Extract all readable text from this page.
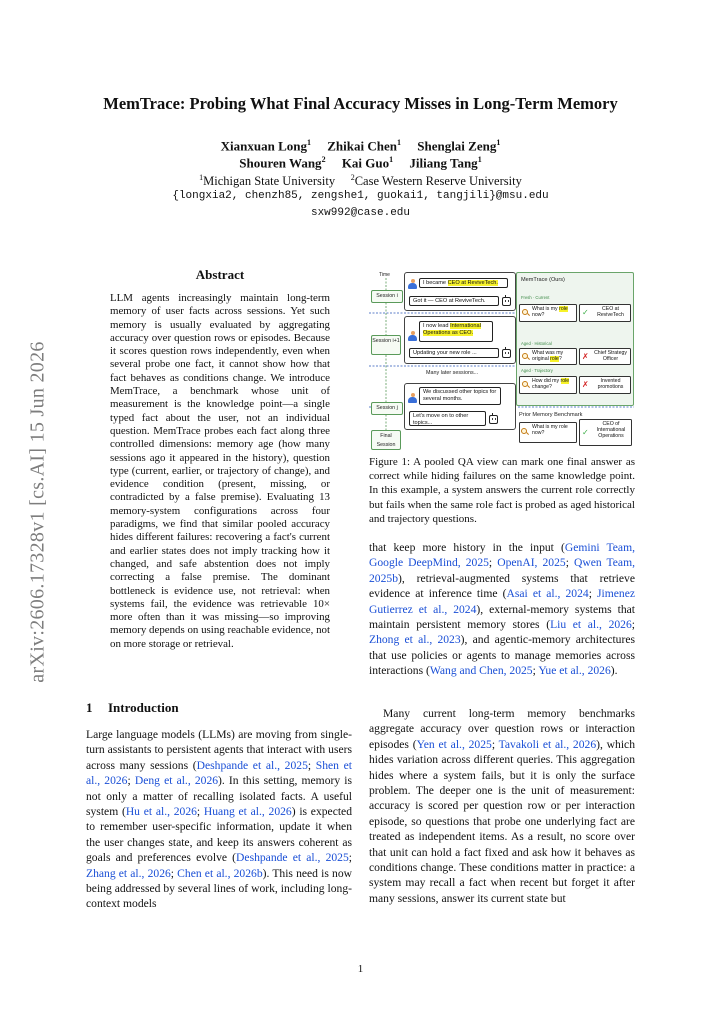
arXiv:2606.17328v1 [cs.AI] 15 Jun 2026
MemTrace: Probing What Final Accuracy Misses in Long-Term Memory
Xianxuan Long$^1$ Zhikai Chen$^1$ Shenglai Zeng$^1$
Shouren Wang$^2$ Kai Guo$^1$ Jiliang Tang$^1$
$^1$Michigan State University $^2$Case Western Reserve University
{longxia2, chenzh85, zengshe1, guokai1, tangjili}@msu.edu
sxw992@case.edu
Abstract
LLM agents increasingly maintain long-term memory of user facts across sessions. Yet such memory is usually evaluated by aggregating accuracy over question rows or episodes. Because it scores question rows independently, even when several probe one fact, it cannot show how that fact behaves as conditions change. We introduce MemTrace, a benchmark whose unit of measurement is the knowledge point—a single typed fact about the user, not an individual question. MemTrace probes each fact along three controlled dimensions: memory age (how many sessions ago it appeared in the history), question type (current, earlier, or trajectory of change), and evidence condition (present, missing, or contradicted by a false premise). Evaluating 13 memory-system configurations across four paradigms, we find that similar pooled accuracy hides different failures: recovering a fact's current and earlier states does not imply tracking how it changed, and safe abstention does not imply correcting a false premise. The dominant bottleneck is evidence use, not retrieval: when systems fail, the evidence was retrievable 10× more often than it was missing—so improving memory depends on using reachable evidence, not on more storage or retrieval.
1 Introduction
Large language models (LLMs) are moving from single-turn assistants to persistent agents that interact with users across many sessions (Deshpande et al., 2025; Shen et al., 2026; Deng et al., 2026). In this setting, memory is not only a matter of recalling isolated facts. A useful system (Hu et al., 2026; Huang et al., 2026) is expected to remember user-specific information, update it when the user changes state, and keep its answers coherent as goals and preferences evolve (Deshpande et al., 2025; Zhang et al., 2026; Chen et al., 2026b). This need is now being addressed by several lines of work, including long-context models
Time
Session i
Session i+1
Session j
Final Session
I became CEO at ReviveTech.
Got it — CEO at ReviveTech.
I now lead International Operations as CEO.
Updating your new role ...
Many later sessions...
We discussed other topics for several months.
Let’s move on to other topics...
MemTrace (Ours)
Fresh · Current
What is my role now?	✓	CEO at ReviveTech
Aged · Historical
What was my original role?	✗ Chief Strategy Officer
Aged · Trajectory
How did my role change?	✗ Invented promotions
Prior Memory Benchmark
What is my role now?	✓
CEO of International Operations
Figure 1: A pooled QA view can mark one final answer as correct while hiding failures on the same knowledge point. In this example, a system answers the current role correctly but fails when the same role fact is probed as aged historical and trajectory questions.
that keep more history in the input (Gemini Team, Google DeepMind, 2025; OpenAI, 2025; Qwen Team, 2025b), retrieval-augmented systems that retrieve evidence at inference time (Asai et al., 2024; Jimenez Gutierrez et al., 2024), external-memory systems that maintain persistent memory stores (Liu et al., 2026; Zhong et al., 2023), and agentic-memory architectures that use policies or agents to manage memories across interactions (Wang and Chen, 2025; Yue et al., 2026).
Many current long-term memory benchmarks aggregate accuracy over question rows or interaction episodes (Yen et al., 2025; Tavakoli et al., 2026), which hides variation across different queries. This aggregation hides where a system fails, but it is only the surface problem. The deeper one is the unit of measurement: accuracy is scored per question row or per interaction episode, so questions that probe one underlying fact are treated as independent items. As a result, no score over that unit can hold a fact fixed and ask how it behaves as conditions change. These conditions matter in practice: a system may recall a fact when recent but forget it after many sessions, answer its current state but
1
